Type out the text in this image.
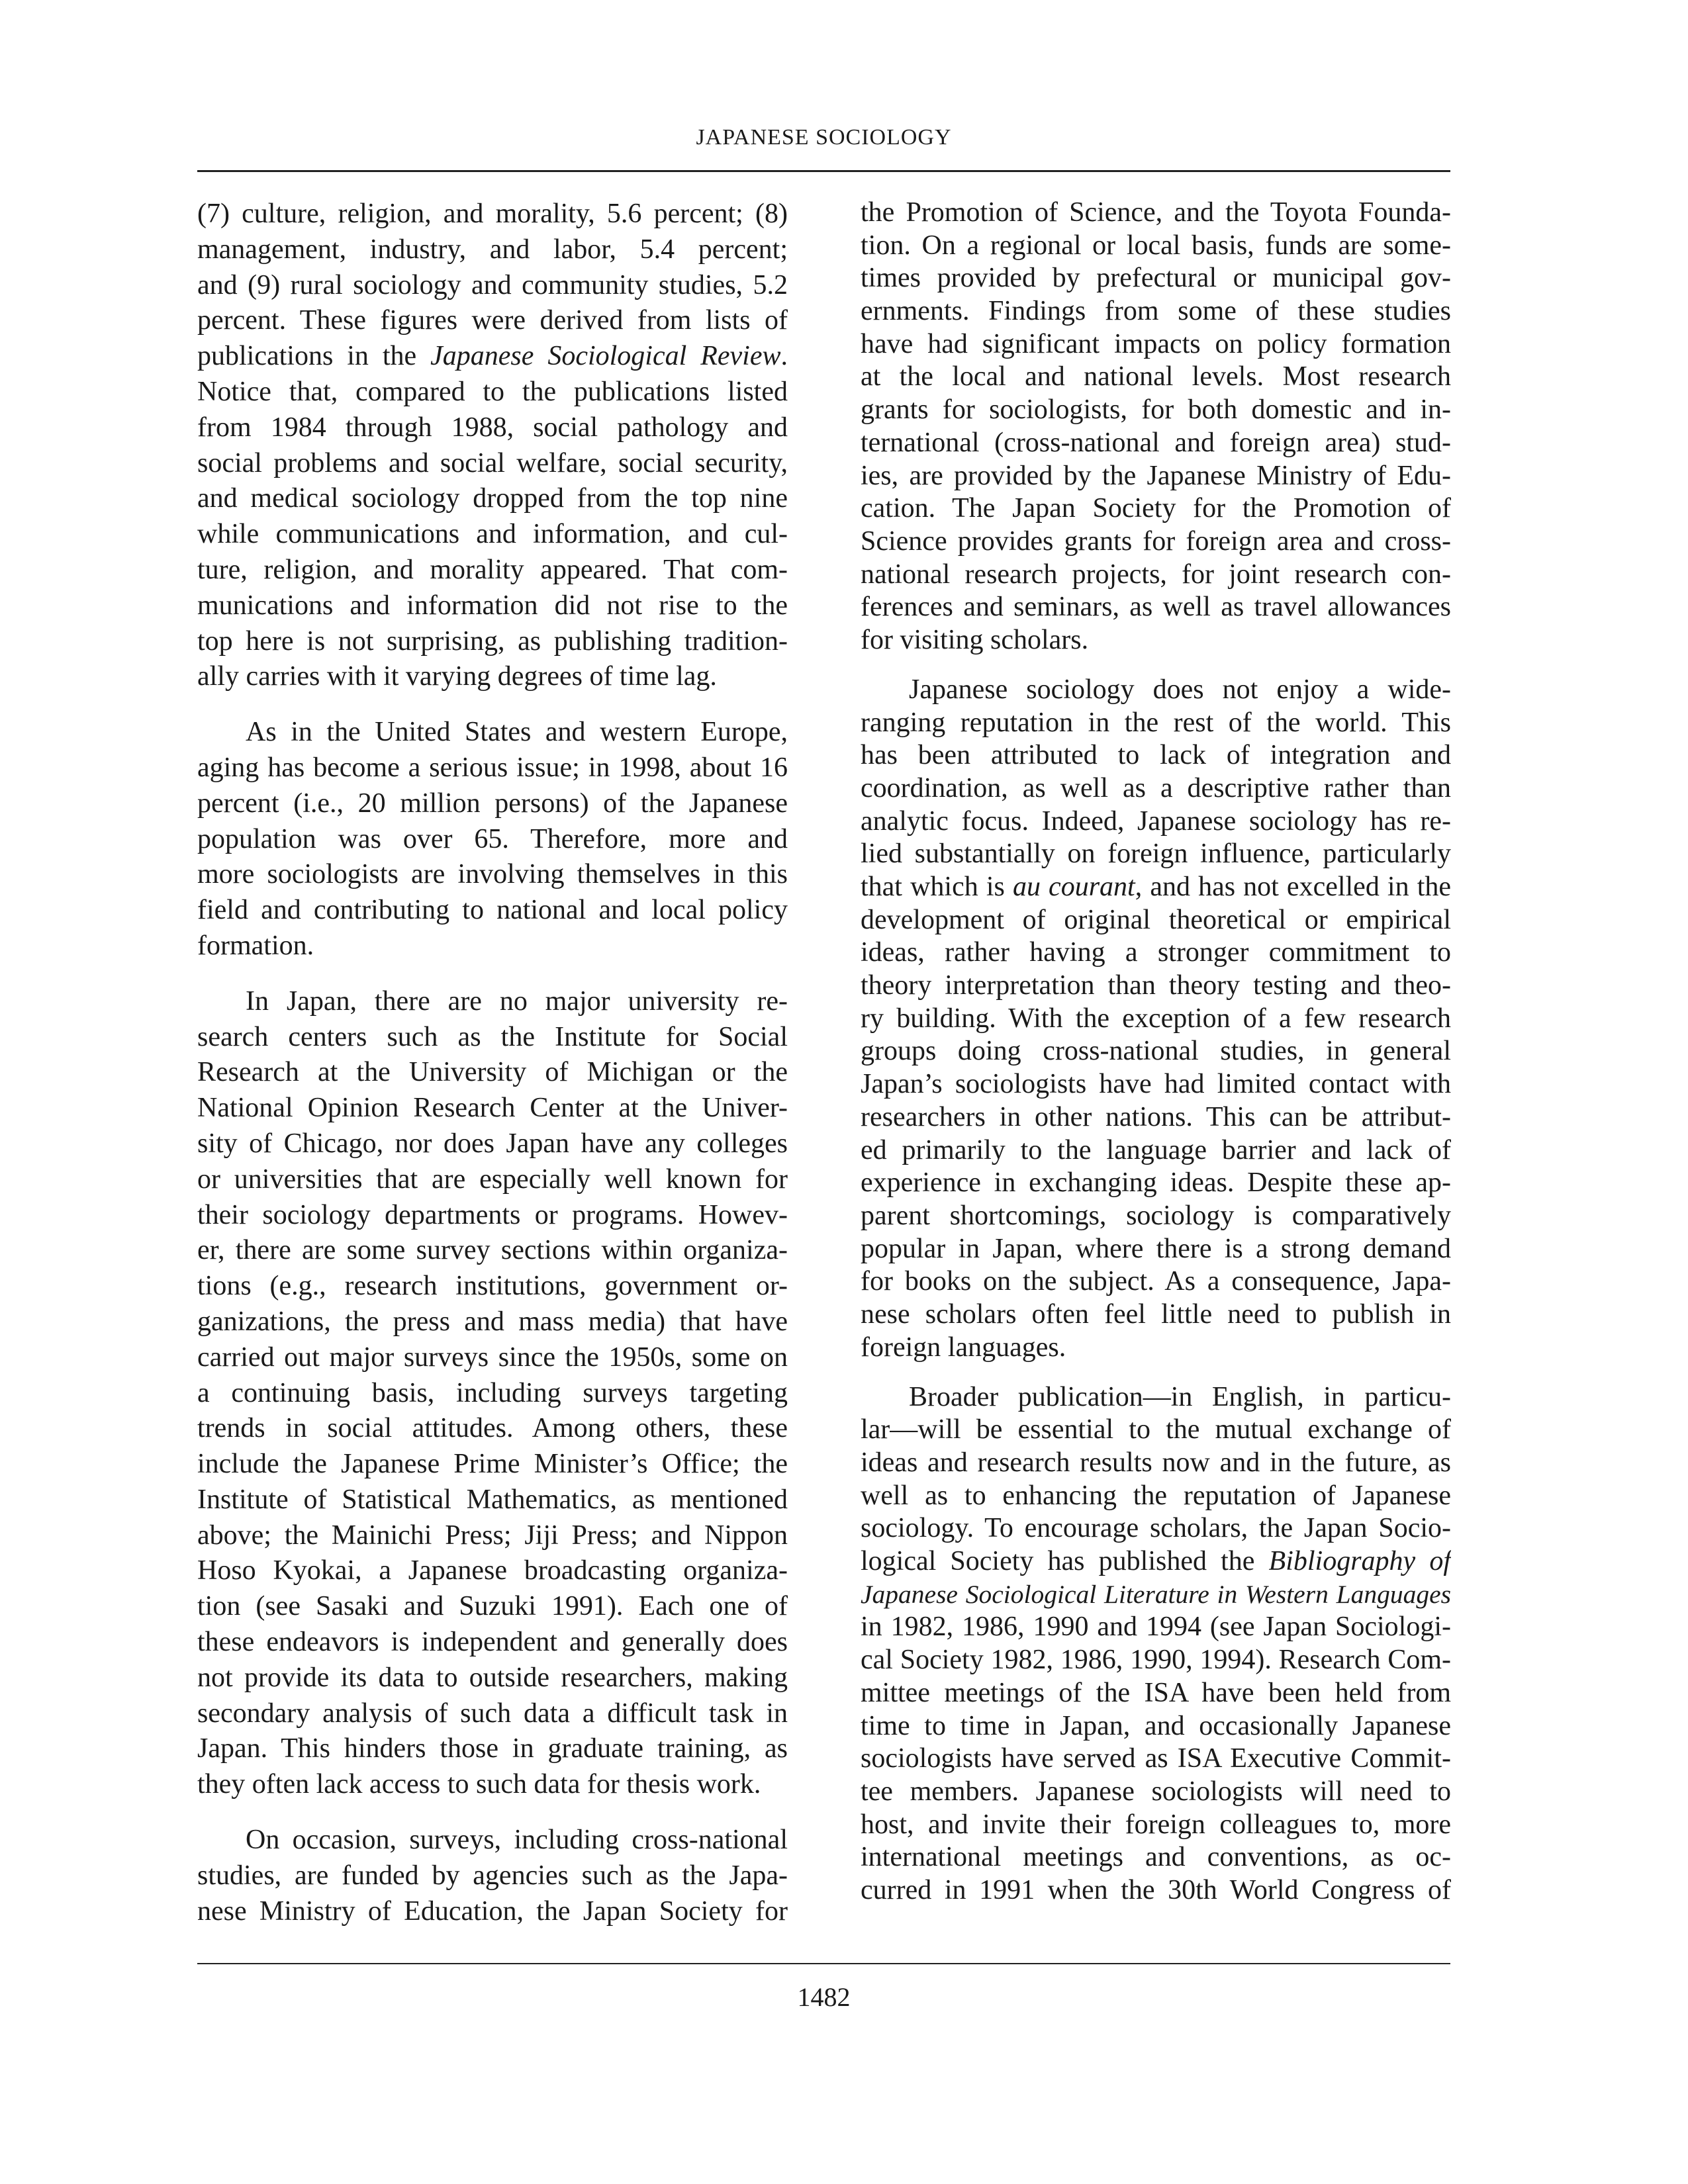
JAPANESE SOCIOLOGY
(7) culture, religion, and morality, 5.6 percent; (8)
management, industry, and labor, 5.4 percent;
and (9) rural sociology and community studies, 5.2
percent. These figures were derived from lists of
publications in the Japanese Sociological Review.
Notice that, compared to the publications listed
from 1984 through 1988, social pathology and
social problems and social welfare, social security,
and medical sociology dropped from the top nine
while communications and information, and cul-
ture, religion, and morality appeared. That com-
munications and information did not rise to the
top here is not surprising, as publishing tradition-
ally carries with it varying degrees of time lag.
As in the United States and western Europe,
aging has become a serious issue; in 1998, about 16
percent (i.e., 20 million persons) of the Japanese
population was over 65. Therefore, more and
more sociologists are involving themselves in this
field and contributing to national and local policy
formation.
In Japan, there are no major university re-
search centers such as the Institute for Social
Research at the University of Michigan or the
National Opinion Research Center at the Univer-
sity of Chicago, nor does Japan have any colleges
or universities that are especially well known for
their sociology departments or programs. Howev-
er, there are some survey sections within organiza-
tions (e.g., research institutions, government or-
ganizations, the press and mass media) that have
carried out major surveys since the 1950s, some on
a continuing basis, including surveys targeting
trends in social attitudes. Among others, these
include the Japanese Prime Minister’s Office; the
Institute of Statistical Mathematics, as mentioned
above; the Mainichi Press; Jiji Press; and Nippon
Hoso Kyokai, a Japanese broadcasting organiza-
tion (see Sasaki and Suzuki 1991). Each one of
these endeavors is independent and generally does
not provide its data to outside researchers, making
secondary analysis of such data a difficult task in
Japan. This hinders those in graduate training, as
they often lack access to such data for thesis work.
On occasion, surveys, including cross-national
studies, are funded by agencies such as the Japa-
nese Ministry of Education, the Japan Society for
the Promotion of Science, and the Toyota Founda-
tion. On a regional or local basis, funds are some-
times provided by prefectural or municipal gov-
ernments. Findings from some of these studies
have had significant impacts on policy formation
at the local and national levels. Most research
grants for sociologists, for both domestic and in-
ternational (cross-national and foreign area) stud-
ies, are provided by the Japanese Ministry of Edu-
cation. The Japan Society for the Promotion of
Science provides grants for foreign area and cross-
national research projects, for joint research con-
ferences and seminars, as well as travel allowances
for visiting scholars.
Japanese sociology does not enjoy a wide-
ranging reputation in the rest of the world. This
has been attributed to lack of integration and
coordination, as well as a descriptive rather than
analytic focus. Indeed, Japanese sociology has re-
lied substantially on foreign influence, particularly
that which is au courant, and has not excelled in the
development of original theoretical or empirical
ideas, rather having a stronger commitment to
theory interpretation than theory testing and theo-
ry building. With the exception of a few research
groups doing cross-national studies, in general
Japan’s sociologists have had limited contact with
researchers in other nations. This can be attribut-
ed primarily to the language barrier and lack of
experience in exchanging ideas. Despite these ap-
parent shortcomings, sociology is comparatively
popular in Japan, where there is a strong demand
for books on the subject. As a consequence, Japa-
nese scholars often feel little need to publish in
foreign languages.
Broader publication—in English, in particu-
lar—will be essential to the mutual exchange of
ideas and research results now and in the future, as
well as to enhancing the reputation of Japanese
sociology. To encourage scholars, the Japan Socio-
logical Society has published the Bibliography of
Japanese Sociological Literature in Western Languages
in 1982, 1986, 1990 and 1994 (see Japan Sociologi-
cal Society 1982, 1986, 1990, 1994). Research Com-
mittee meetings of the ISA have been held from
time to time in Japan, and occasionally Japanese
sociologists have served as ISA Executive Commit-
tee members. Japanese sociologists will need to
host, and invite their foreign colleagues to, more
international meetings and conventions, as oc-
curred in 1991 when the 30th World Congress of
1482
